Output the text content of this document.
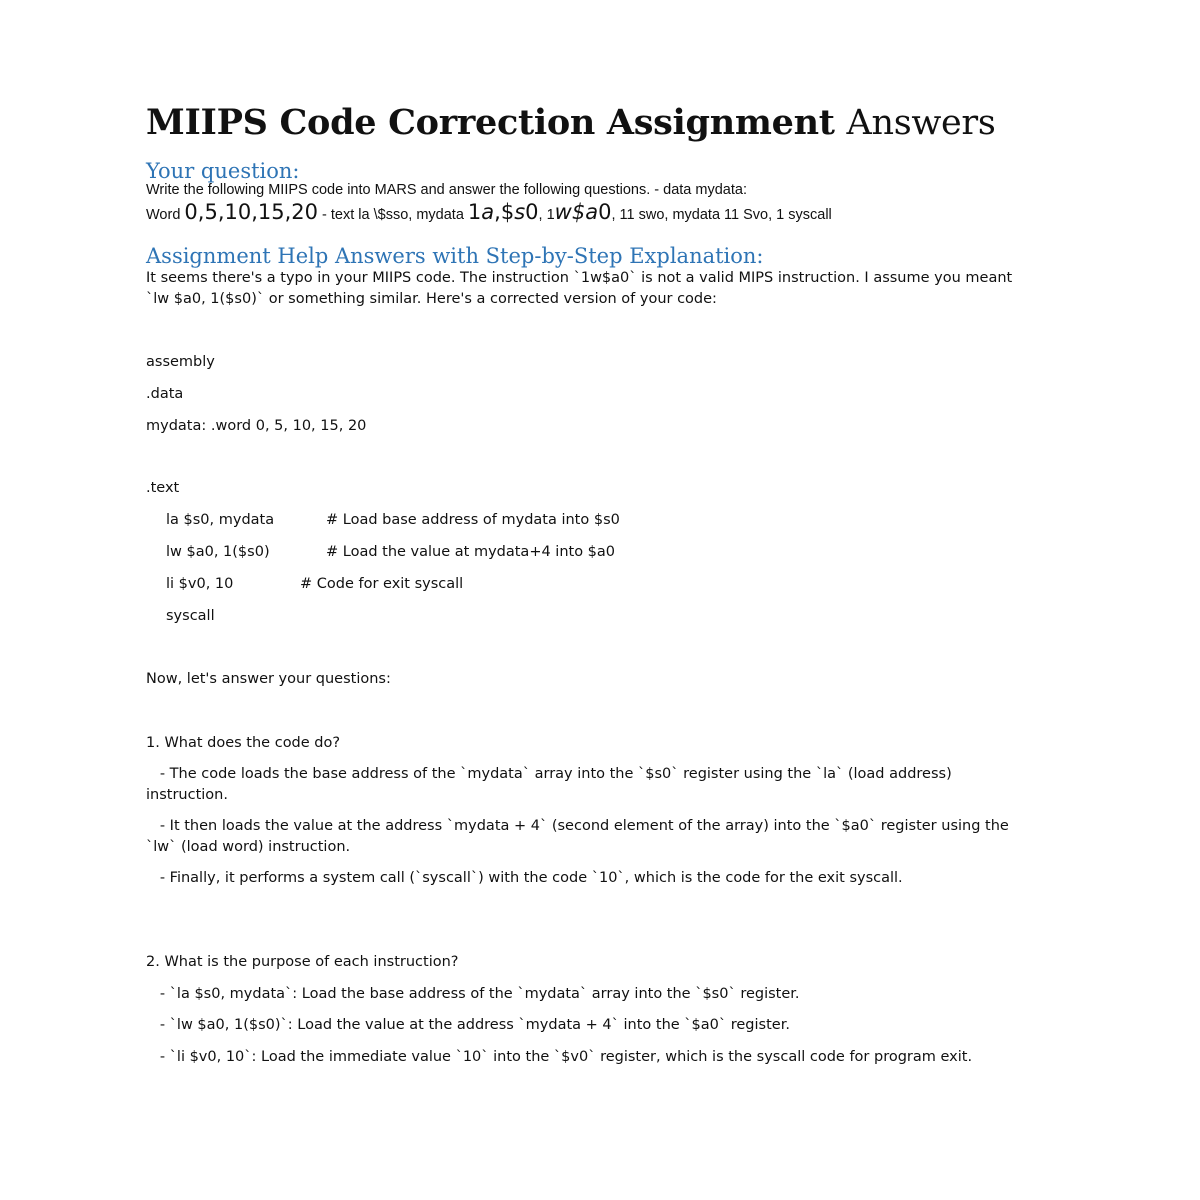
MIIPS Code Correction Assignment Answers
Your question:

Write the following MIIPS code into MARS and answer the following questions. - data mydata:

Word 0,5,10,15,20 - text la \$sso, mydata 1a,$s0, 1w$a0, 11 swo, mydata 11 Svo, 1 syscall

Assignment Help Answers with Step-by-Step Explanation:

It seems there's a typo in your MIIPS code. The instruction `1w$a0` is not a valid MIPS instruction. I assume you meant `lw $a0, 1($s0)` or something similar. Here's a corrected version of your code:

assembly

.data

mydata: .word 0, 5, 10, 15, 20

.text

la $s0, mydata	# Load base address of mydata into $s0
lw $a0, 1($s0)	# Load the value at mydata+4 into $a0
li $v0, 10	# Code for exit syscall
syscall

Now, let's answer your questions:

1. What does the code do?

- The code loads the base address of the `mydata` array into the `$s0` register using the `la` (load address) instruction.

- It then loads the value at the address `mydata + 4` (second element of the array) into the `$a0` register using the `lw` (load word) instruction.

- Finally, it performs a system call (`syscall`) with the code `10`, which is the code for the exit syscall.

2. What is the purpose of each instruction?

- `la $s0, mydata`: Load the base address of the `mydata` array into the `$s0` register.

- `lw $a0, 1($s0)`: Load the value at the address `mydata + 4` into the `$a0` register.

- `li $v0, 10`: Load the immediate value `10` into the `$v0` register, which is the syscall code for program exit.
